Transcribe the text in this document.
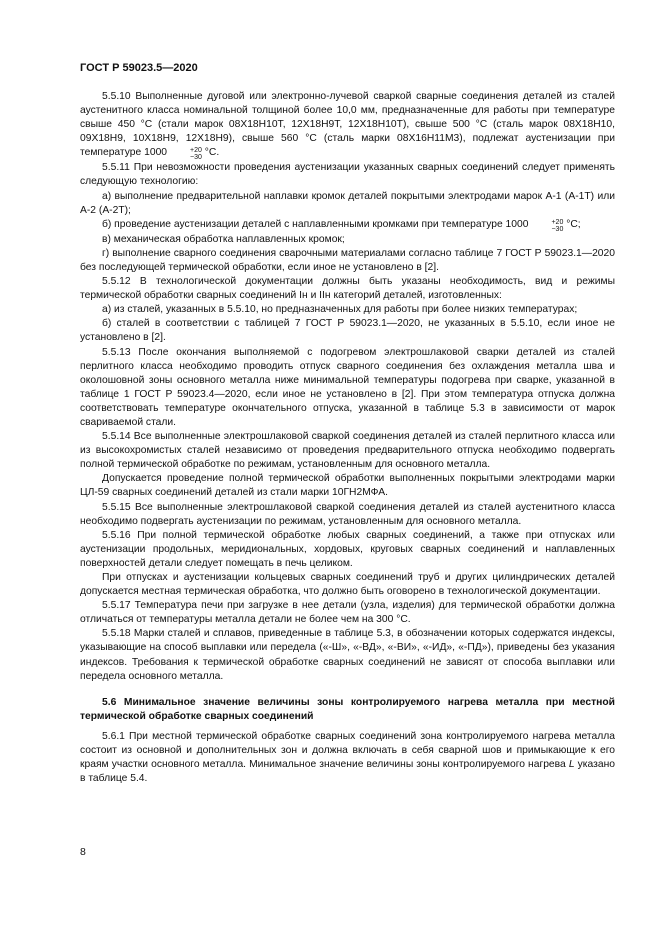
ГОСТ Р 59023.5—2020

5.5.10 Выполненные дуговой или электронно-лучевой сваркой сварные соединения деталей из сталей аустенитного класса номинальной толщиной более 10,0 мм, предназначенные для работы при температуре свыше 450 °С (стали марок 08Х18Н10Т, 12Х18Н9Т, 12Х18Н10Т), свыше 500 °С (сталь марок 08Х18Н10, 09Х18Н9, 10Х18Н9, 12Х18Н9), свыше 560 °С (сталь марки 08Х16Н11М3), подлежат аустенизации при температуре 1000	+20
−30 °С.

5.5.11 При невозможности проведения аустенизации указанных сварных соединений следует применять следующую технологию:

а) выполнение предварительной наплавки кромок деталей покрытыми электродами марок А-1 (А-1Т) или А-2 (А-2Т);

б) проведение аустенизации деталей с наплавленными кромками при температуре 1000	+20
−30 °С;

в) механическая обработка наплавленных кромок;

г) выполнение сварного соединения сварочными материалами согласно таблице 7 ГОСТ Р 59023.1—2020 без последующей термической обработки, если иное не установлено в [2].

5.5.12 В технологической документации должны быть указаны необходимость, вид и режимы термической обработки сварных соединений Iн и IIн категорий деталей, изготовленных:

а) из сталей, указанных в 5.5.10, но предназначенных для работы при более низких температурах;

б) сталей в соответствии с таблицей 7 ГОСТ Р 59023.1—2020, не указанных в 5.5.10, если иное не установлено в [2].

5.5.13 После окончания выполняемой с подогревом электрошлаковой сварки деталей из сталей перлитного класса необходимо проводить отпуск сварного соединения без охлаждения металла шва и околошовной зоны основного металла ниже минимальной температуры подогрева при сварке, указанной в таблице 1 ГОСТ Р 59023.4—2020, если иное не установлено в [2]. При этом температура отпуска должна соответствовать температуре окончательного отпуска, указанной в таблице 5.3 в зависимости от марок свариваемой стали.

5.5.14 Все выполненные электрошлаковой сваркой соединения деталей из сталей перлитного класса или из высокохромистых сталей независимо от проведения предварительного отпуска необходимо подвергать полной термической обработке по режимам, установленным для основного металла.

Допускается проведение полной термической обработки выполненных покрытыми электродами марки ЦЛ-59 сварных соединений деталей из стали марки 10ГН2МФА.

5.5.15 Все выполненные электрошлаковой сваркой соединения деталей из сталей аустенитного класса необходимо подвергать аустенизации по режимам, установленным для основного металла.

5.5.16 При полной термической обработке любых сварных соединений, а также при отпусках или аустенизации продольных, меридиональных, хордовых, круговых сварных соединений и наплавленных поверхностей детали следует помещать в печь целиком.

При отпусках и аустенизации кольцевых сварных соединений труб и других цилиндрических деталей допускается местная термическая обработка, что должно быть оговорено в технологической документации.

5.5.17 Температура печи при загрузке в нее детали (узла, изделия) для термической обработки должна отличаться от температуры металла детали не более чем на 300 °С.

5.5.18 Марки сталей и сплавов, приведенные в таблице 5.3, в обозначении которых содержатся индексы, указывающие на способ выплавки или передела («-Ш», «-ВД», «-ВИ», «-ИД», «-ПД»), приведены без указания индексов. Требования к термической обработке сварных соединений не зависят от способа выплавки или передела основного металла.

5.6 Минимальное значение величины зоны контролируемого нагрева металла при местной термической обработке сварных соединений

5.6.1 При местной термической обработке сварных соединений зона контролируемого нагрева металла состоит из основной и дополнительных зон и должна включать в себя сварной шов и примыкающие к его краям участки основного металла. Минимальное значение величины зоны контролируемого нагрева L указано в таблице 5.4.

8
